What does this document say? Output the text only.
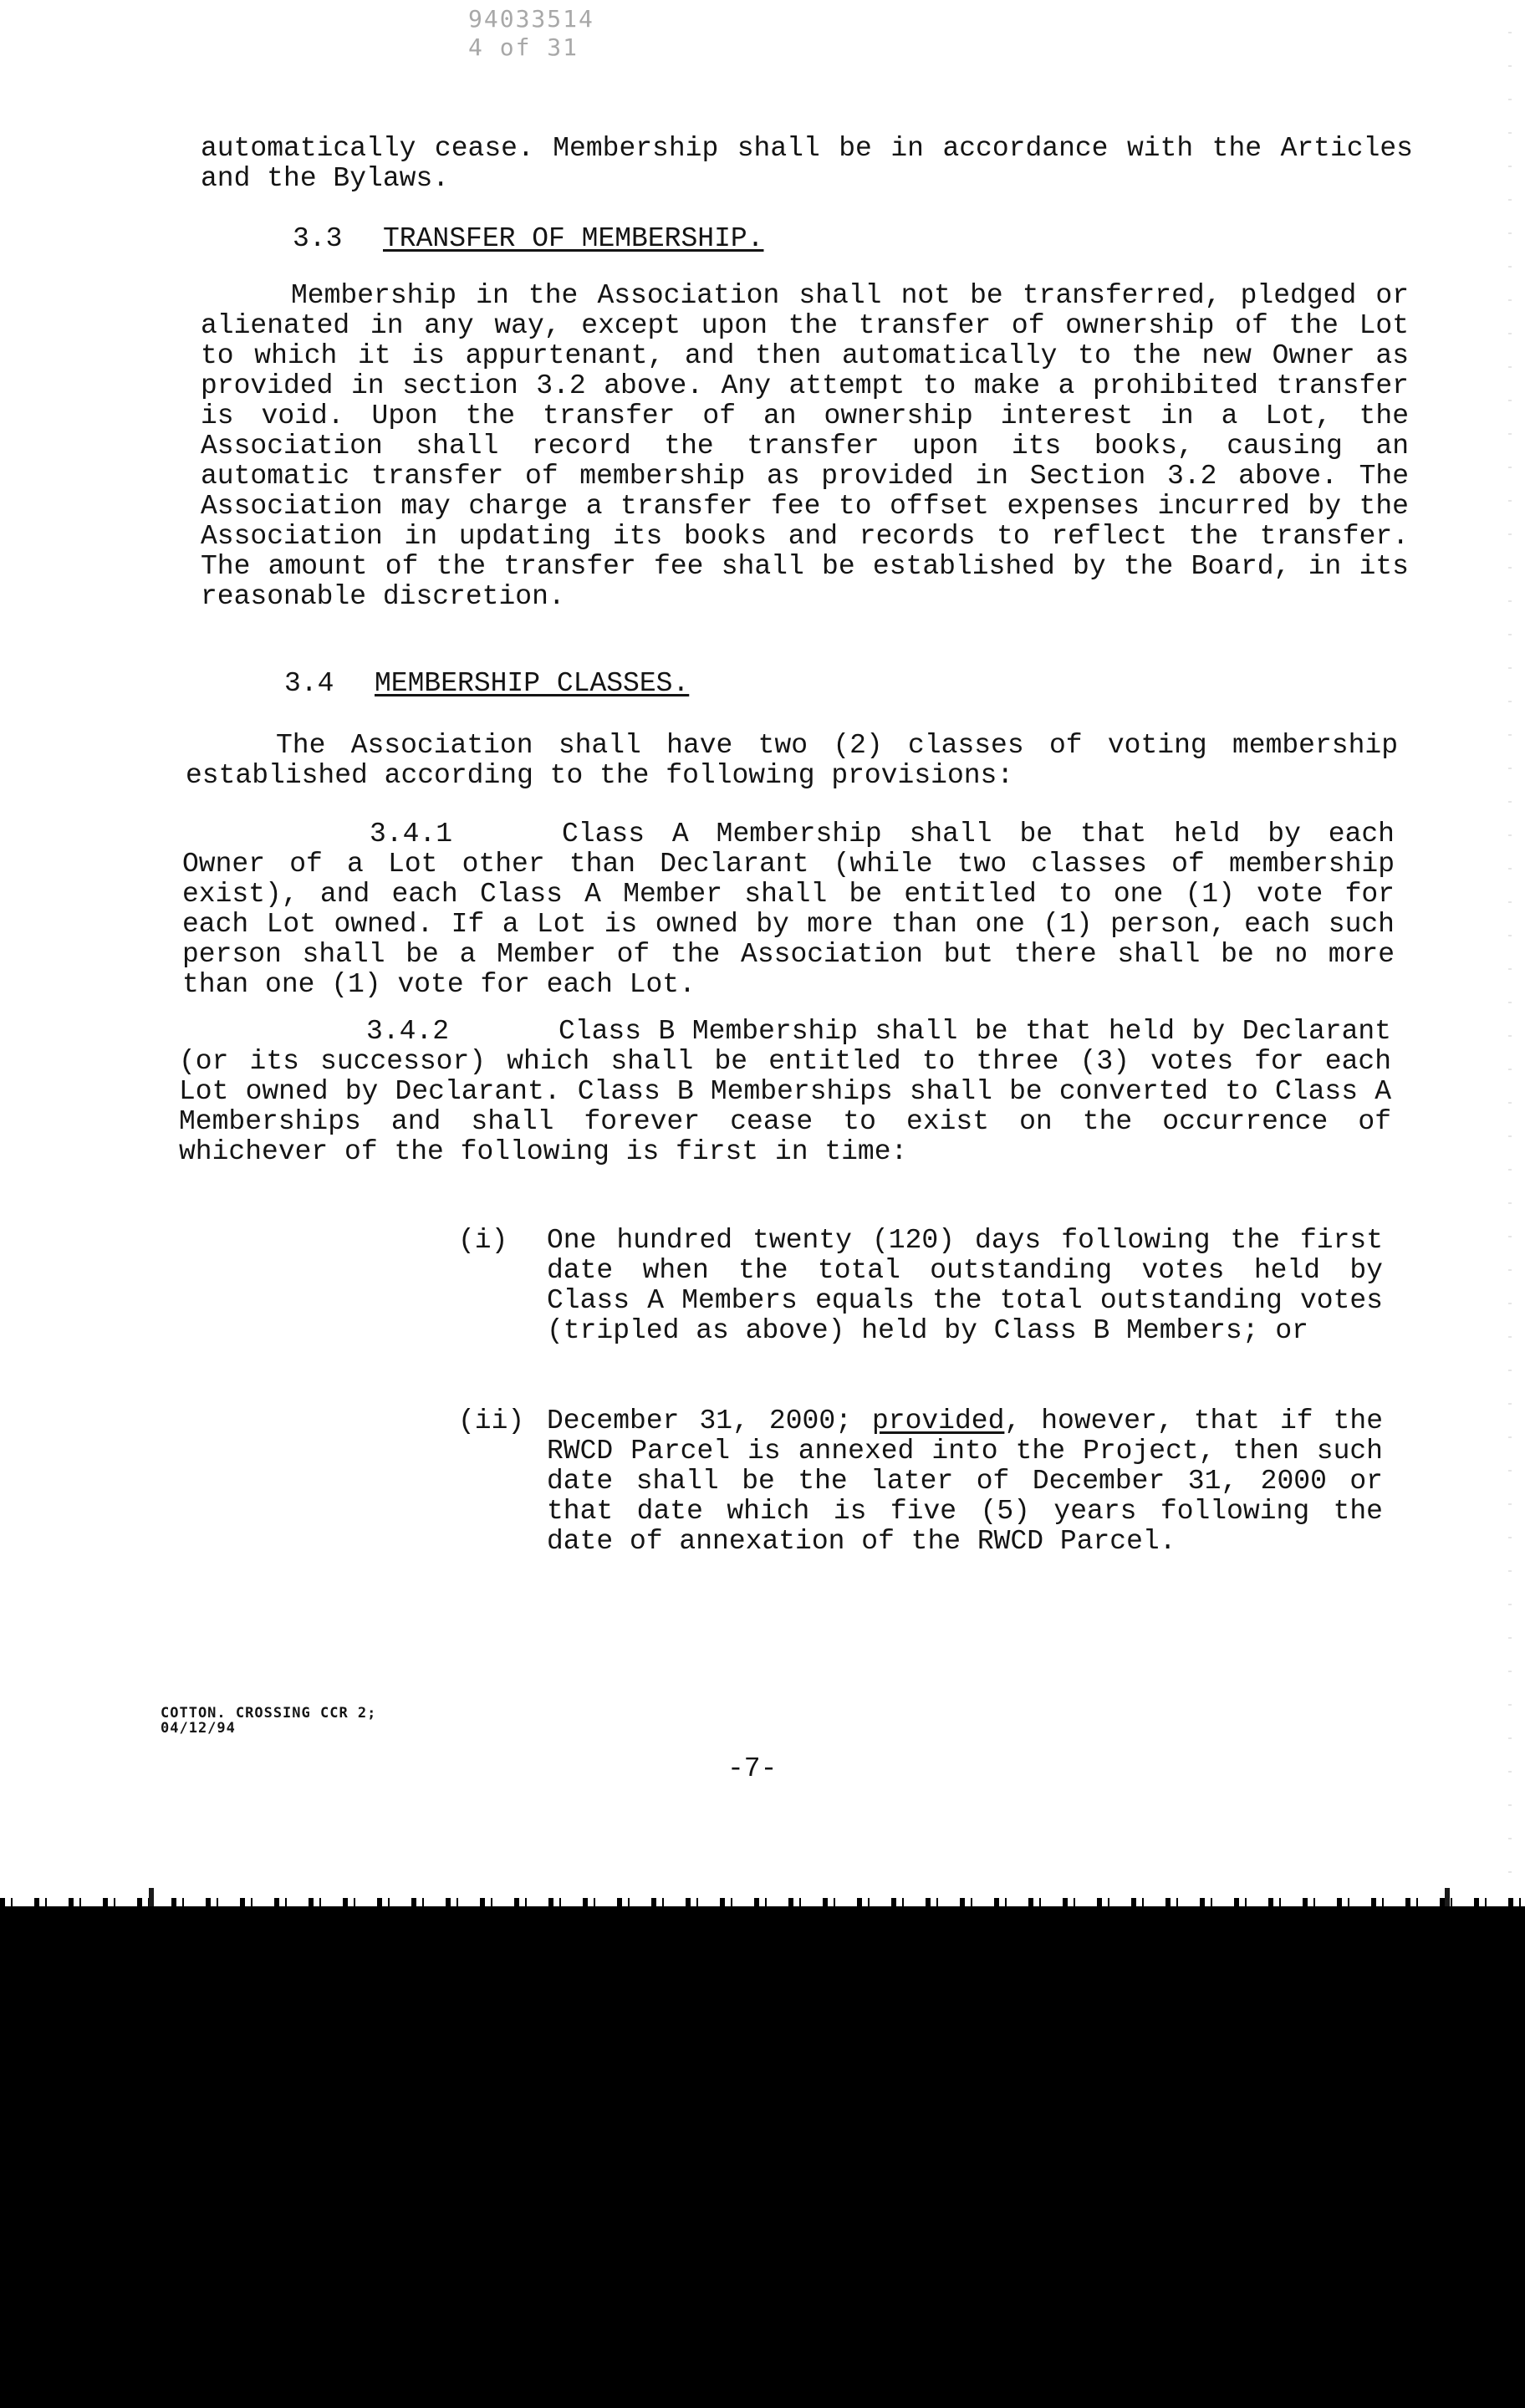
94033514
4 of 31

automatically cease. Membership shall be in accordance with the Articles and the Bylaws.

3.3 TRANSFER OF MEMBERSHIP.

Membership in the Association shall not be transferred, pledged or alienated in any way, except upon the transfer of ownership of the Lot to which it is appurtenant, and then automatically to the new Owner as provided in section 3.2 above. Any attempt to make a prohibited transfer is void. Upon the transfer of an ownership interest in a Lot, the Association shall record the transfer upon its books, causing an automatic transfer of membership as provided in Section 3.2 above. The Association may charge a transfer fee to offset expenses incurred by the Association in updating its books and records to reflect the transfer. The amount of the transfer fee shall be established by the Board, in its reasonable discretion.

3.4 MEMBERSHIP CLASSES.

The Association shall have two (2) classes of voting membership established according to the following provisions:

3.4.1	Class A Membership shall be that held by each Owner of a Lot other than Declarant (while two classes of membership exist), and each Class A Member shall be entitled to one (1) vote for each Lot owned. If a Lot is owned by more than one (1) person, each such person shall be a Member of the Association but there shall be no more than one (1) vote for each Lot.

3.4.2	Class B Membership shall be that held by Declarant (or its successor) which shall be entitled to three (3) votes for each Lot owned by Declarant. Class B Memberships shall be converted to Class A Memberships and shall forever cease to exist on the occurrence of whichever of the following is first in time:

(i) One hundred twenty (120) days following the first date when the total outstanding votes held by Class A Members equals the total outstanding votes (tripled as above) held by Class B Members; or
(ii) December 31, 2000; provided, however, that if the RWCD Parcel is annexed into the Project, then such date shall be the later of December 31, 2000 or that date which is five (5) years following the date of annexation of the RWCD Parcel.
COTTON. CROSSING CCR 2;
04/12/94
-7-
